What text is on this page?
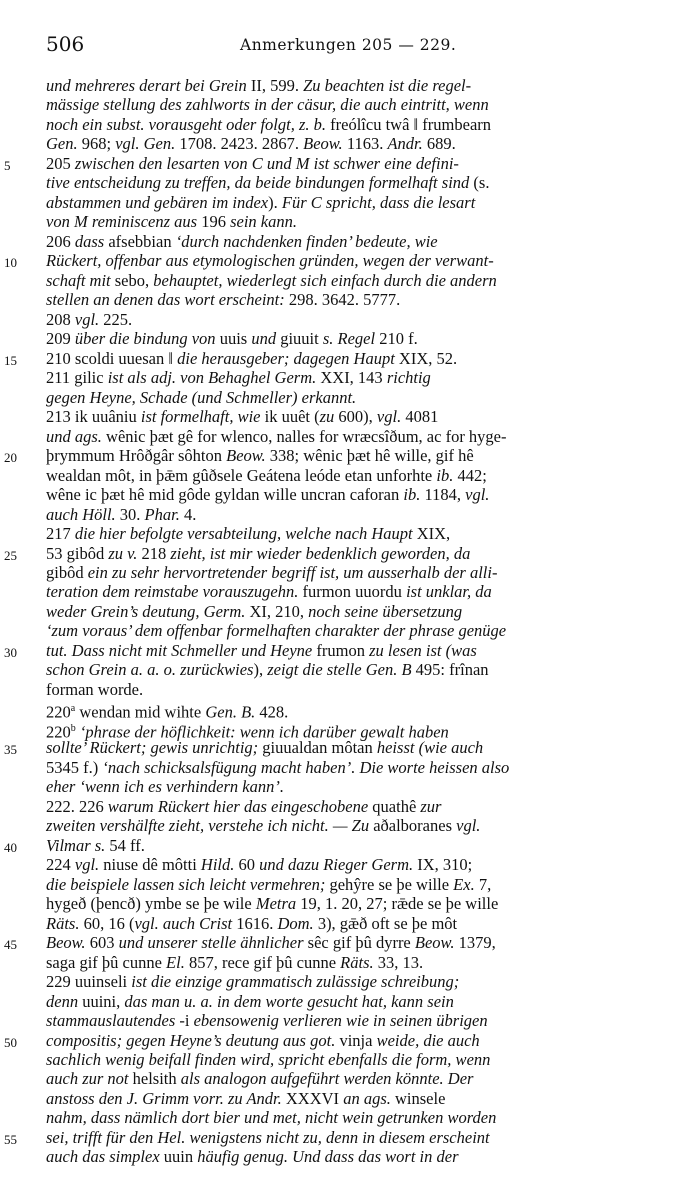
506	Anmerkungen 205 — 229.
und mehreres derart bei Grein II, 599. Zu beachten ist die regel-
mässige stellung des zahlworts in der cäsur, die auch eintritt, wenn
noch ein subst. vorausgeht oder folgt, z. b. freólîcu twâ ‖ frumbearn
Gen. 968; vgl. Gen. 1708. 2423. 2867. Beow. 1163. Andr. 689.
205 zwischen den lesarten von C und M ist schwer eine defini-
tive entscheidung zu treffen, da beide bindungen formelhaft sind (s.
abstammen und gebären im index). Für C spricht, dass die lesart
von M reminiscenz aus 196 sein kann.
206 dass afsebbian ‘durch nachdenken finden’ bedeute, wie
Rückert, offenbar aus etymologischen gründen, wegen der verwant-
schaft mit sebo, behauptet, wiederlegt sich einfach durch die andern
stellen an denen das wort erscheint: 298. 3642. 5777.
208 vgl. 225.
209 über die bindung von uuis und giuuit s. Regel 210 f.
210 scoldi uuesan ‖ die herausgeber; dagegen Haupt XIX, 52.
211 gilic ist als adj. von Behaghel Germ. XXI, 143 richtig
gegen Heyne, Schade (und Schmeller) erkannt.
213 ik uuâniu ist formelhaft, wie ik uuêt (zu 600), vgl. 4081
und ags. wênic þæt gê for wlenco, nalles for wræcsîðum, ac for hyge-
þrymmum Hrôðgâr sôhton Beow. 338; wênic þæt hê wille, gif hê
wealdan môt, in þǣm gûðsele Geátena leóde etan unforhte ib. 442;
wêne ic þæt hê mid gôde gyldan wille uncran caforan ib. 1184, vgl.
auch Höll. 30. Phar. 4.
217 die hier befolgte versabteilung, welche nach Haupt XIX,
53 gibôd zu v. 218 zieht, ist mir wieder bedenklich geworden, da
gibôd ein zu sehr hervortretender begriff ist, um ausserhalb der alli-
teration dem reimstabe vorauszugehn. furmon uuordu ist unklar, da
weder Grein’s deutung, Germ. XI, 210, noch seine übersetzung
‘zum voraus’ dem offenbar formelhaften charakter der phrase genüge
tut. Dass nicht mit Schmeller und Heyne frumon zu lesen ist (was
schon Grein a. a. o. zurückwies), zeigt die stelle Gen. B 495: frînan
forman worde.
220$^a$ wendan mid wihte Gen. B. 428.
220$^b$ ‘phrase der höflichkeit: wenn ich darüber gewalt haben
sollte’ Rückert; gewis unrichtig; giuualdan môtan heisst (wie auch
5345 f.) ‘nach schicksalsfügung macht haben’. Die worte heissen also
eher ‘wenn ich es verhindern kann’.
222. 226 warum Rückert hier das eingeschobene quathê zur
zweiten vershälfte zieht, verstehe ich nicht. — Zu aðalboranes vgl.
Vilmar s. 54 ff.
224 vgl. niuse dê môtti Hild. 60 und dazu Rieger Germ. IX, 310;
die beispiele lassen sich leicht vermehren; gehŷre se þe wille Ex. 7,
hygeð (þencð) ymbe se þe wile Metra 19, 1. 20, 27; rǣde se þe wille
Räts. 60, 16 (vgl. auch Crist 1616. Dom. 3), gǣð oft se þe môt
Beow. 603 und unserer stelle ähnlicher sêc gif þû dyrre Beow. 1379,
saga gif þû cunne El. 857, rece gif þû cunne Räts. 33, 13.
229 uuinseli ist die einzige grammatisch zulässige schreibung;
denn uuini, das man u. a. in dem worte gesucht hat, kann sein
stammauslautendes -i ebensowenig verlieren wie in seinen übrigen
compositis; gegen Heyne’s deutung aus got. vinja weide, die auch
sachlich wenig beifall finden wird, spricht ebenfalls die form, wenn
auch zur not helsith als analogon aufgeführt werden könnte. Der
anstoss den J. Grimm vorr. zu Andr. XXXVI an ags. winsele
nahm, dass nämlich dort bier und met, nicht wein getrunken worden
sei, trifft für den Hel. wenigstens nicht zu, denn in diesem erscheint
auch das simplex uuin häufig genug. Und dass das wort in der
5
10
15
20
25
30
35
40
45
50
55
